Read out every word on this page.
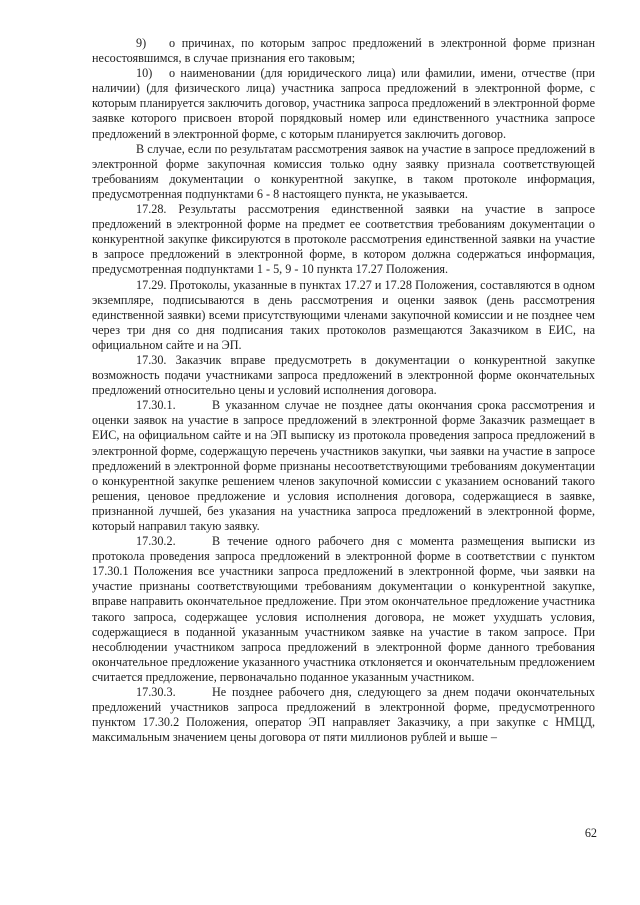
9) о причинах, по которым запрос предложений в электронной форме признан несостоявшимся, в случае признания его таковым;

10) о наименовании (для юридического лица) или фамилии, имени, отчестве (при наличии) (для физического лица) участника запроса предложений в электронной форме, с которым планируется заключить договор, участника запроса предложений в электронной форме заявке которого присвоен второй порядковый номер или единственного участника запросе предложений в электронной форме, с которым планируется заключить договор.

В случае, если по результатам рассмотрения заявок на участие в запросе предложений в электронной форме закупочная комиссия только одну заявку признала соответствующей требованиям документации о конкурентной закупке, в таком протоколе информация, предусмотренная подпунктами 6 - 8 настоящего пункта, не указывается.

17.28. Результаты рассмотрения единственной заявки на участие в запросе предложений в электронной форме на предмет ее соответствия требованиям документации о конкурентной закупке фиксируются в протоколе рассмотрения единственной заявки на участие в запросе предложений в электронной форме, в котором должна содержаться информация, предусмотренная подпунктами 1 - 5, 9 - 10 пункта 17.27 Положения.

17.29. Протоколы, указанные в пунктах 17.27 и 17.28 Положения, составляются в одном экземпляре, подписываются в день рассмотрения и оценки заявок (день рассмотрения единственной заявки) всеми присутствующими членами закупочной комиссии и не позднее чем через три дня со дня подписания таких протоколов размещаются Заказчиком в ЕИС, на официальном сайте и на ЭП.

17.30. Заказчик вправе предусмотреть в документации о конкурентной закупке возможность подачи участниками запроса предложений в электронной форме окончательных предложений относительно цены и условий исполнения договора.

17.30.1.	В указанном случае не позднее даты окончания срока рассмотрения и оценки заявок на участие в запросе предложений в электронной форме Заказчик размещает в ЕИС, на официальном сайте и на ЭП выписку из протокола проведения запроса предложений в электронной форме, содержащую перечень участников закупки, чьи заявки на участие в запросе предложений в электронной форме признаны несоответствующими требованиям документации о конкурентной закупке решением членов закупочной комиссии с указанием оснований такого решения, ценовое предложение и условия исполнения договора, содержащиеся в заявке, признанной лучшей, без указания на участника запроса предложений в электронной форме, который направил такую заявку.

17.30.2.	В течение одного рабочего дня с момента размещения выписки из протокола проведения запроса предложений в электронной форме в соответствии с пунктом 17.30.1 Положения все участники запроса предложений в электронной форме, чьи заявки на участие признаны соответствующими требованиям документации о конкурентной закупке, вправе направить окончательное предложение. При этом окончательное предложение участника такого запроса, содержащее условия исполнения договора, не может ухудшать условия, содержащиеся в поданной указанным участником заявке на участие в таком запросе. При несоблюдении участником запроса предложений в электронной форме данного требования окончательное предложение указанного участника отклоняется и окончательным предложением считается предложение, первоначально поданное указанным участником.

17.30.3.	Не позднее рабочего дня, следующего за днем подачи окончательных предложений участников запроса предложений в электронной форме, предусмотренного пунктом 17.30.2 Положения, оператор ЭП направляет Заказчику, а при закупке с НМЦД, максимальным значением цены договора от пяти миллионов рублей и выше –

62
